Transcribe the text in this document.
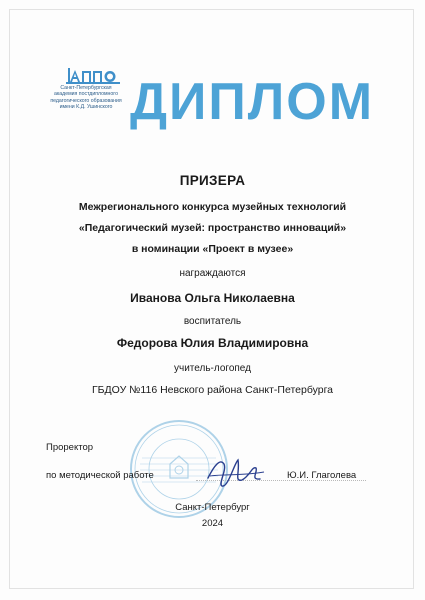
Санкт-Петербургская
академия постдипломного
педагогического образования
имени К.Д. Ушинского ДИПЛОМ
ПРИЗЕРА
Межрегионального конкурса музейных технологий
«Педагогический музей: пространство инноваций»
в номинации «Проект в музее»
награждаются
Иванова Ольга Николаевна
воспитатель
Федорова Юлия Владимировна
учитель-логопед
ГБДОУ №116 Невского района Санкт-Петербурга
Проректор
по методической работе	Ю.И. Глаголева
Санкт-Петербург
2024
